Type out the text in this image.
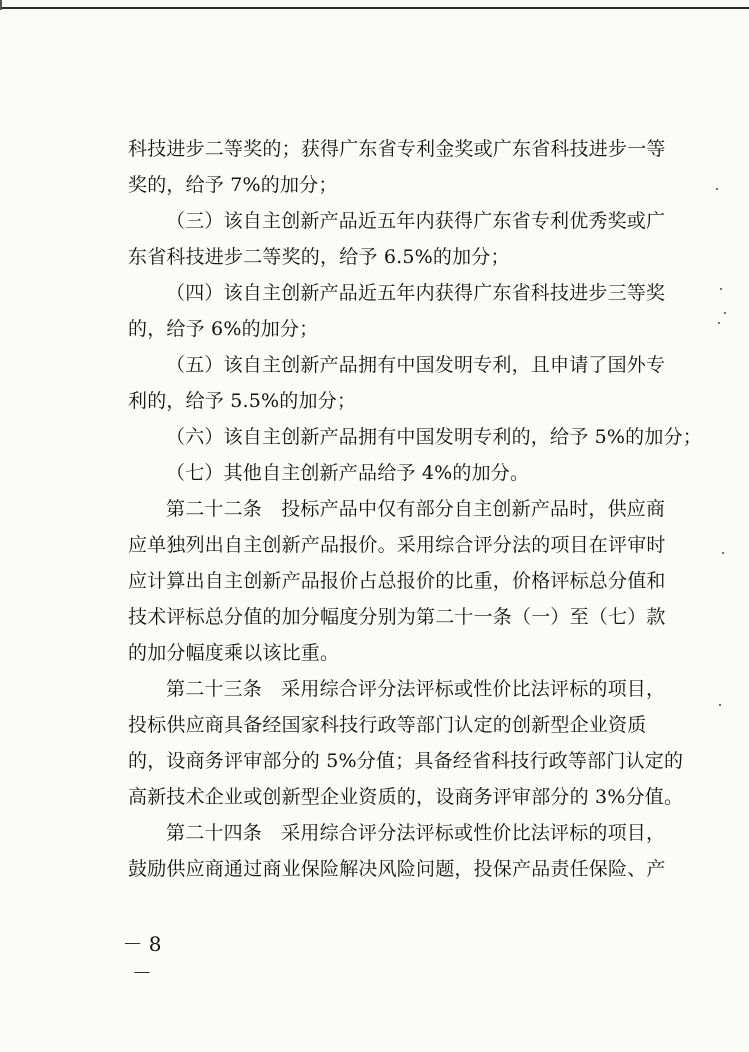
科技进步二等奖的；获得广东省专利金奖或广东省科技进步一等
奖的，给予 7%的加分；
（三）该自主创新产品近五年内获得广东省专利优秀奖或广
东省科技进步二等奖的，给予 6.5%的加分；
（四）该自主创新产品近五年内获得广东省科技进步三等奖
的，给予 6%的加分；
（五）该自主创新产品拥有中国发明专利，且申请了国外专
利的，给予 5.5%的加分；
（六）该自主创新产品拥有中国发明专利的，给予 5%的加分；
（七）其他自主创新产品给予 4%的加分。
第二十二条　投标产品中仅有部分自主创新产品时，供应商
应单独列出自主创新产品报价。采用综合评分法的项目在评审时
应计算出自主创新产品报价占总报价的比重，价格评标总分值和
技术评标总分值的加分幅度分别为第二十一条（一）至（七）款
的加分幅度乘以该比重。
第二十三条　采用综合评分法评标或性价比法评标的项目，
投标供应商具备经国家科技行政等部门认定的创新型企业资质
的，设商务评审部分的 5%分值；具备经省科技行政等部门认定的
高新技术企业或创新型企业资质的，设商务评审部分的 3%分值。
第二十四条　采用综合评分法评标或性价比法评标的项目，
鼓励供应商通过商业保险解决风险问题，投保产品责任保险、产
－ 8 －
